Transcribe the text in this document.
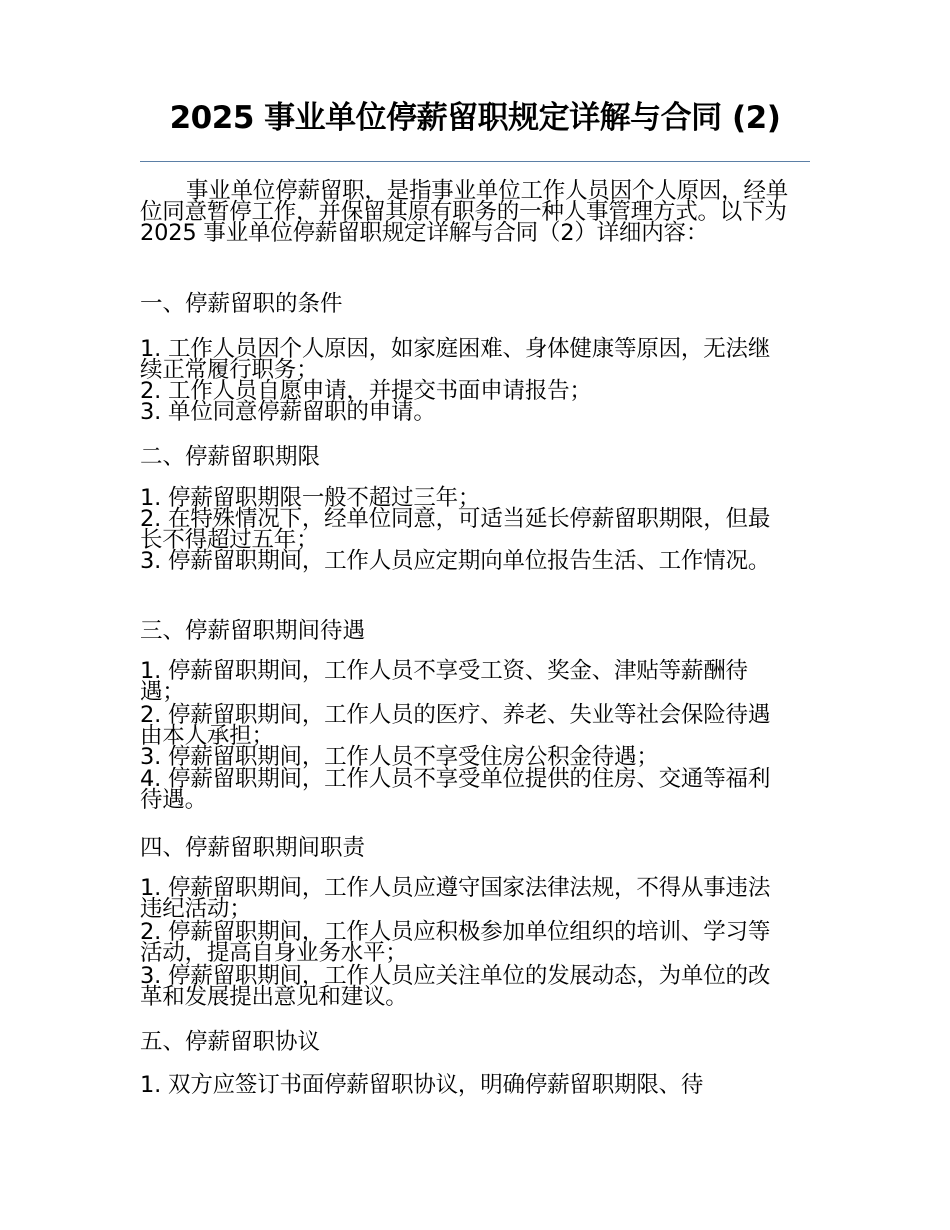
2025 事业单位停薪留职规定详解与合同 (2)

事业单位停薪留职，是指事业单位工作人员因个人原因，经单位同意暂停工作，并保留其原有职务的一种人事管理方式。以下为 2025 事业单位停薪留职规定详解与合同（2）详细内容：

一、停薪留职的条件

1. 工作人员因个人原因，如家庭困难、身体健康等原因，无法继续正常履行职务；

2. 工作人员自愿申请，并提交书面申请报告；

3. 单位同意停薪留职的申请。

二、停薪留职期限

1. 停薪留职期限一般不超过三年；

2. 在特殊情况下，经单位同意，可适当延长停薪留职期限，但最长不得超过五年；

3. 停薪留职期间，工作人员应定期向单位报告生活、工作情况。

三、停薪留职期间待遇

1. 停薪留职期间，工作人员不享受工资、奖金、津贴等薪酬待遇；

2. 停薪留职期间，工作人员的医疗、养老、失业等社会保险待遇由本人承担；

3. 停薪留职期间，工作人员不享受住房公积金待遇；

4. 停薪留职期间，工作人员不享受单位提供的住房、交通等福利待遇。

四、停薪留职期间职责

1. 停薪留职期间，工作人员应遵守国家法律法规，不得从事违法违纪活动；

2. 停薪留职期间，工作人员应积极参加单位组织的培训、学习等活动，提高自身业务水平；

3. 停薪留职期间，工作人员应关注单位的发展动态，为单位的改革和发展提出意见和建议。

五、停薪留职协议

1. 双方应签订书面停薪留职协议，明确停薪留职期限、待
